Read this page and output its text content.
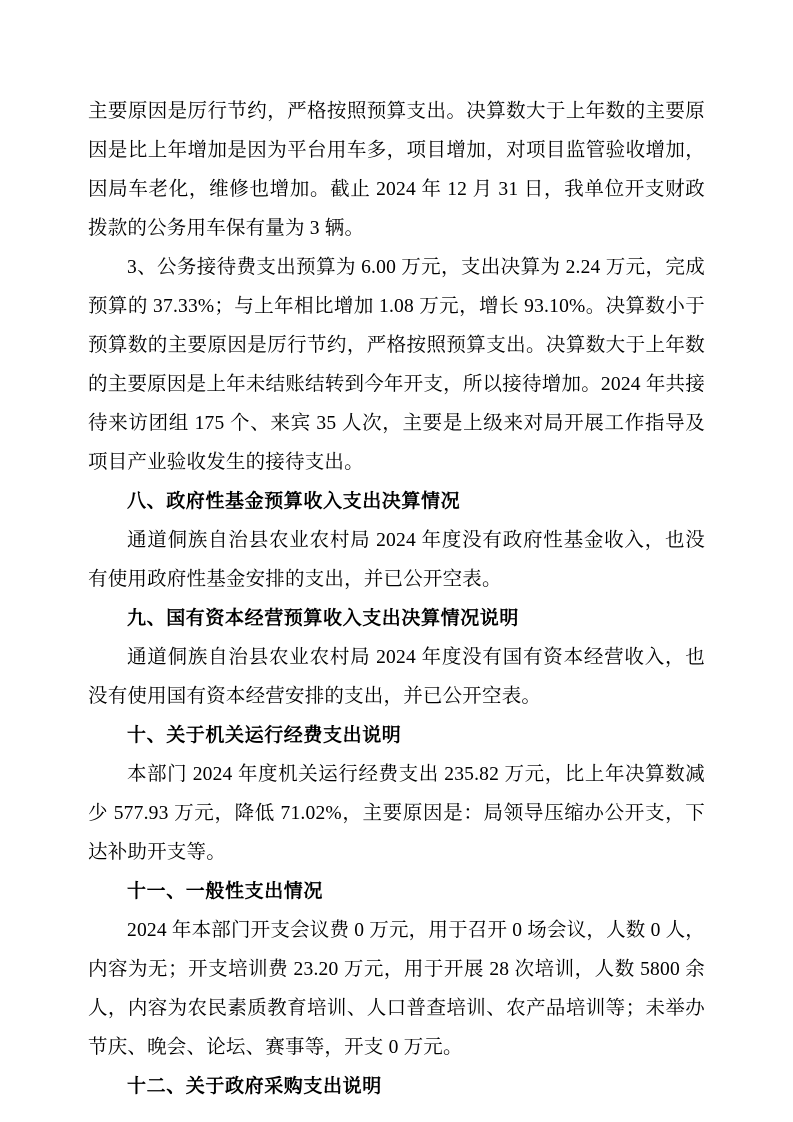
主要原因是厉行节约，严格按照预算支出。决算数大于上年数的主要原因是比上年增加是因为平台用车多，项目增加，对项目监管验收增加，因局车老化，维修也增加。截止 2024 年 12 月 31 日，我单位开支财政拨款的公务用车保有量为 3 辆。

3、公务接待费支出预算为 6.00 万元，支出决算为 2.24 万元，完成预算的 37.33%；与上年相比增加 1.08 万元，增长 93.10%。决算数小于预算数的主要原因是厉行节约，严格按照预算支出。决算数大于上年数的主要原因是上年未结账结转到今年开支，所以接待增加。2024 年共接待来访团组 175 个、来宾 35 人次，主要是上级来对局开展工作指导及项目产业验收发生的接待支出。

八、政府性基金预算收入支出决算情况

通道侗族自治县农业农村局 2024 年度没有政府性基金收入，也没有使用政府性基金安排的支出，并已公开空表。

九、国有资本经营预算收入支出决算情况说明

通道侗族自治县农业农村局 2024 年度没有国有资本经营收入，也没有使用国有资本经营安排的支出，并已公开空表。

十、关于机关运行经费支出说明

本部门 2024 年度机关运行经费支出 235.82 万元，比上年决算数减少 577.93 万元，降低 71.02%，主要原因是：局领导压缩办公开支，下达补助开支等。

十一、一般性支出情况

2024 年本部门开支会议费 0 万元，用于召开 0 场会议，人数 0 人，内容为无；开支培训费 23.20 万元，用于开展 28 次培训，人数 5800 余人，内容为农民素质教育培训、人口普查培训、农产品培训等；未举办节庆、晚会、论坛、赛事等，开支 0 万元。

十二、关于政府采购支出说明
